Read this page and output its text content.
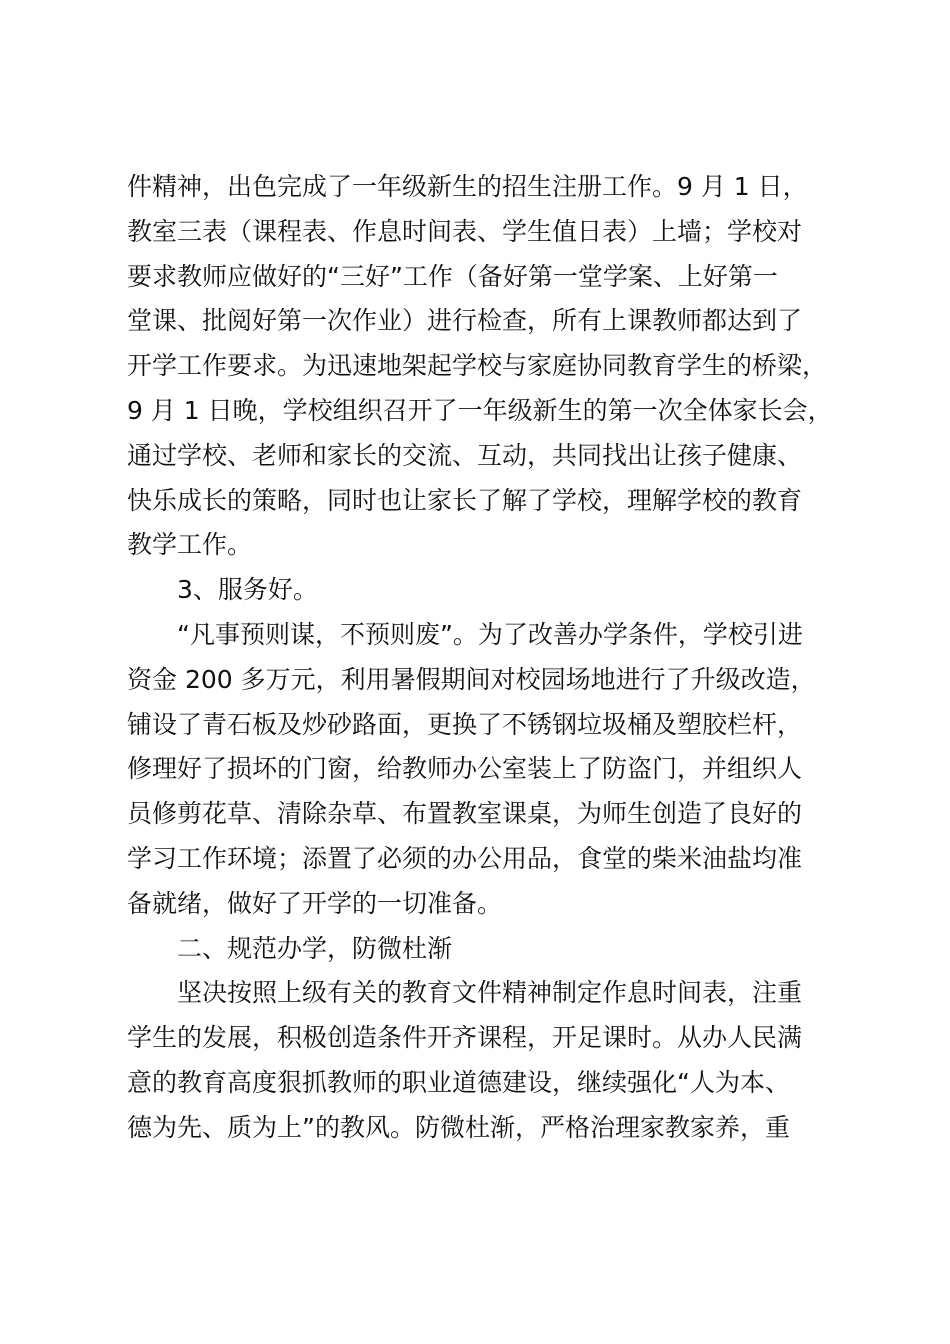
件精神，出色完成了一年级新生的招生注册工作。9 月 1 日，
教室三表（课程表、作息时间表、学生值日表）上墙；学校对
要求教师应做好的“三好”工作（备好第一堂学案、上好第一
堂课、批阅好第一次作业）进行检查，所有上课教师都达到了
开学工作要求。为迅速地架起学校与家庭协同教育学生的桥梁，
9 月 1 日晚，学校组织召开了一年级新生的第一次全体家长会，
通过学校、老师和家长的交流、互动，共同找出让孩子健康、
快乐成长的策略，同时也让家长了解了学校，理解学校的教育
教学工作。
3、服务好。
“凡事预则谋，不预则废”。为了改善办学条件，学校引进
资金 200 多万元，利用暑假期间对校园场地进行了升级改造，
铺设了青石板及炒砂路面，更换了不锈钢垃圾桶及塑胶栏杆，
修理好了损坏的门窗，给教师办公室装上了防盗门，并组织人
员修剪花草、清除杂草、布置教室课桌，为师生创造了良好的
学习工作环境；添置了必须的办公用品，食堂的柴米油盐均准
备就绪，做好了开学的一切准备。
二、规范办学，防微杜渐
坚决按照上级有关的教育文件精神制定作息时间表，注重
学生的发展，积极创造条件开齐课程，开足课时。从办人民满
意的教育高度狠抓教师的职业道德建设，继续强化“人为本、
德为先、质为上”的教风。防微杜渐，严格治理家教家养，重
